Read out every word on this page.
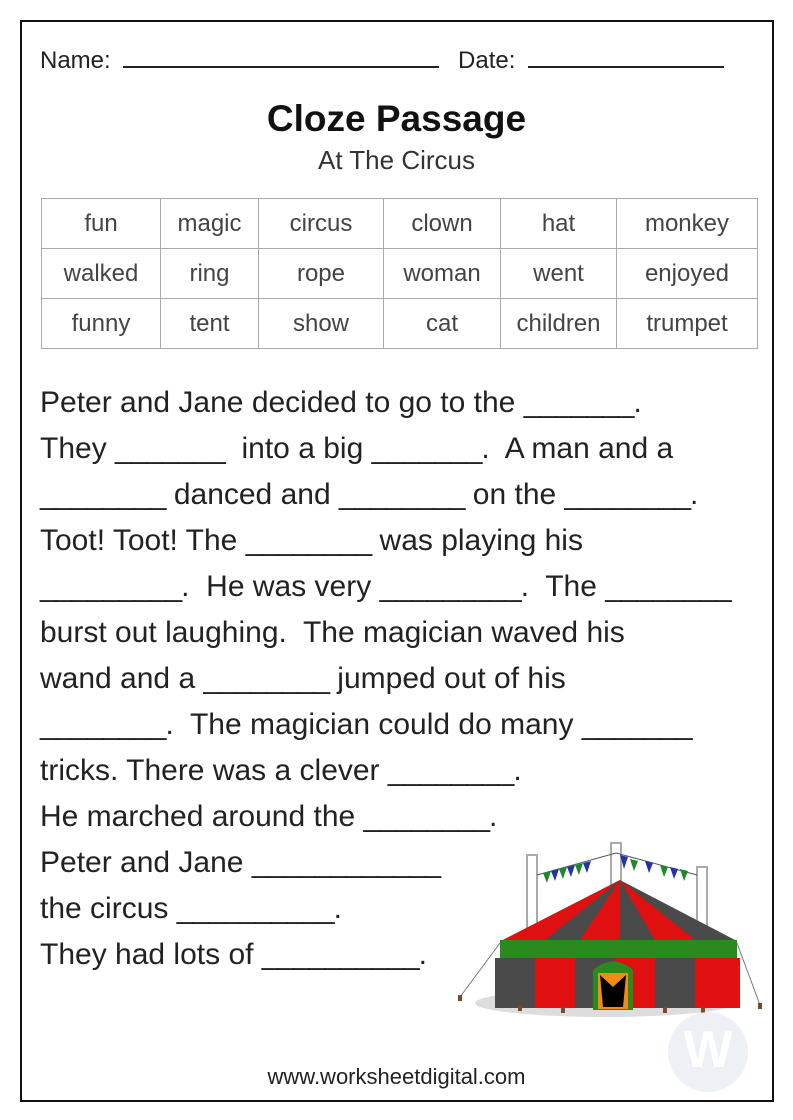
Name:	Date:
Cloze Passage
At The Circus
fun	magic	circus	clown	hat	monkey
walked	ring	rope	woman	went	enjoyed
funny	tent	show	cat	children	trumpet
Peter and Jane decided to go to the _______.
They _______  into a big _______.  A man and a
________ danced and ________ on the ________.
Toot! Toot! The ________ was playing his
_________.  He was very _________.  The ________
burst out laughing.  The magician waved his
wand and a ________ jumped out of his
________.  The magician could do many _______
tricks. There was a clever ________.
He marched around the ________.
Peter and Jane ____________
the circus __________.
They had lots of __________.
W
www.worksheetdigital.com
